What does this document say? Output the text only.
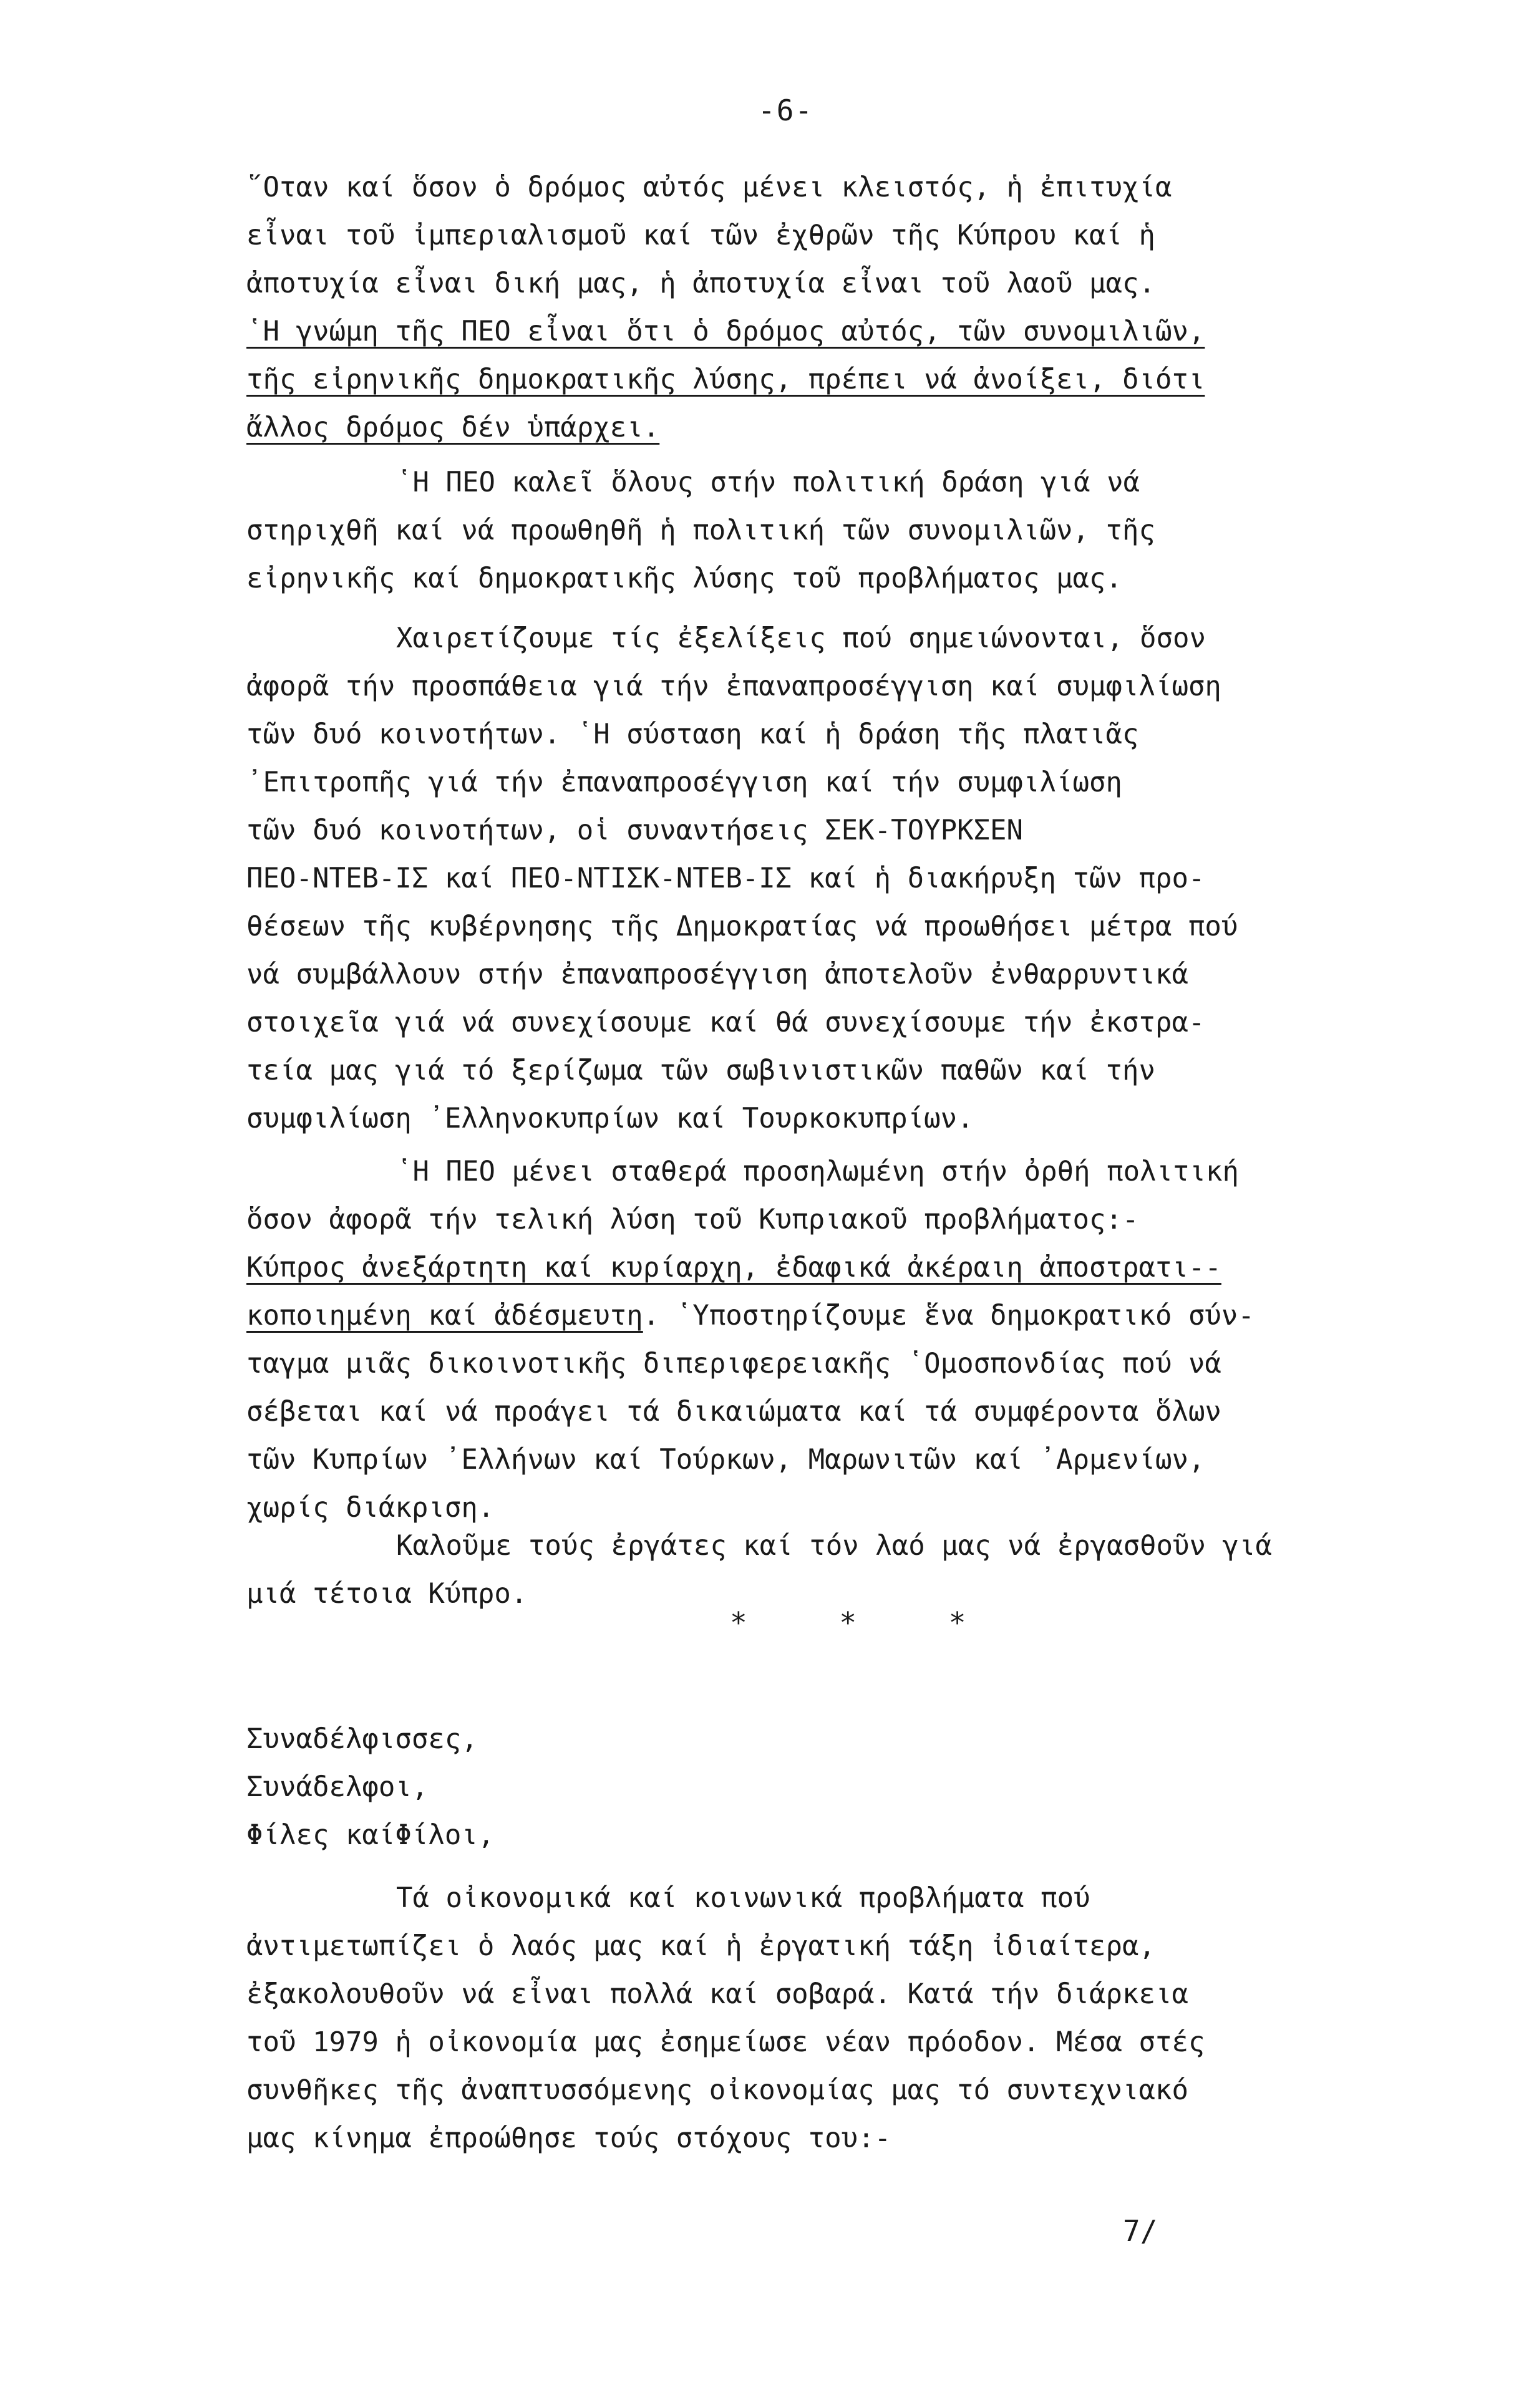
-6-
῞Οταν καί ὅσον ὁ δρόμος αὐτός μένει κλειστός, ἡ ἐπιτυχία
εἶναι τοῦ ἰμπεριαλισμοῦ καί τῶν ἐχθρῶν τῆς Κύπρου καί ἡ
ἀποτυχία εἶναι δική μας, ἡ ἀποτυχία εἶναι τοῦ λαοῦ μας.
῾Η γνώμη τῆς ΠΕΟ εἶναι ὅτι ὁ δρόμος αὐτός, τῶν συνομιλιῶν,
τῆς εἰρηνικῆς δημοκρατικῆς λύσης, πρέπει νά ἀνοίξει, διότι
ἄλλος δρόμος δέν ὑπάρχει.
῾Η ΠΕΟ καλεῖ ὅλους στήν πολιτική δράση γιά νά
στηριχθῆ καί νά προωθηθῆ ἡ πολιτική τῶν συνομιλιῶν, τῆς
εἰρηνικῆς καί δημοκρατικῆς λύσης τοῦ προβλήματος μας.
Χαιρετίζουμε τίς ἐξελίξεις πού σημειώνονται, ὅσον
ἀφορᾶ τήν προσπάθεια γιά τήν ἐπαναπροσέγγιση καί συμφιλίωση
τῶν δυό κοινοτήτων. ῾Η σύσταση καί ἡ δράση τῆς πλατιᾶς
᾿Επιτροπῆς γιά τήν ἐπαναπροσέγγιση καί τήν συμφιλίωση
τῶν δυό κοινοτήτων, οἱ συναντήσεις ΣΕΚ-ΤΟΥΡΚΣΕΝ
ΠΕΟ-ΝΤΕΒ-ΙΣ καί ΠΕΟ-ΝΤΙΣΚ-ΝΤΕΒ-ΙΣ καί ἡ διακήρυξη τῶν προ-
θέσεων τῆς κυβέρνησης τῆς Δημοκρατίας νά προωθήσει μέτρα πού
νά συμβάλλουν στήν ἐπαναπροσέγγιση ἀποτελοῦν ἐνθαρρυντικά
στοιχεῖα γιά νά συνεχίσουμε καί θά συνεχίσουμε τήν ἐκστρα-
τεία μας γιά τό ξερίζωμα τῶν σωβινιστικῶν παθῶν καί τήν
συμφιλίωση ᾿Ελληνοκυπρίων καί Τουρκοκυπρίων.
῾Η ΠΕΟ μένει σταθερά προσηλωμένη στήν ὀρθή πολιτική
ὅσον ἀφορᾶ τήν τελική λύση τοῦ Κυπριακοῦ προβλήματος:-
Κύπρος ἀνεξάρτητη καί κυρίαρχη, ἐδαφικά ἀκέραιη ἀποστρατι--
κοποιημένη καί ἀδέσμευτη. ῾Υποστηρίζουμε ἕνα δημοκρατικό σύν-
ταγμα μιᾶς δικοινοτικῆς διπεριφερειακῆς ῾Ομοσπονδίας πού νά
σέβεται καί νά προάγει τά δικαιώματα καί τά συμφέροντα ὅλων
τῶν Κυπρίων ᾿Ελλήνων καί Τούρκων, Μαρωνιτῶν καί ᾿Αρμενίων,
χωρίς διάκριση.
Καλοῦμε τούς ἐργάτες καί τόν λαό μας νά ἐργασθοῦν γιά
μιά τέτοια Κύπρο.
* * *
Συναδέλφισσες,
Συνάδελφοι,
Φίλες καίΦίλοι,
Τά οἰκονομικά καί κοινωνικά προβλήματα πού
ἀντιμετωπίζει ὁ λαός μας καί ἡ ἐργατική τάξη ἰδιαίτερα,
ἐξακολουθοῦν νά εἶναι πολλά καί σοβαρά. Κατά τήν διάρκεια
τοῦ 1979 ἡ οἰκονομία μας ἐσημείωσε νέαν πρόοδον. Μέσα στές
συνθῆκες τῆς ἀναπτυσσόμενης οἰκονομίας μας τό συντεχνιακό
μας κίνημα ἐπροώθησε τούς στόχους του:-
7/
